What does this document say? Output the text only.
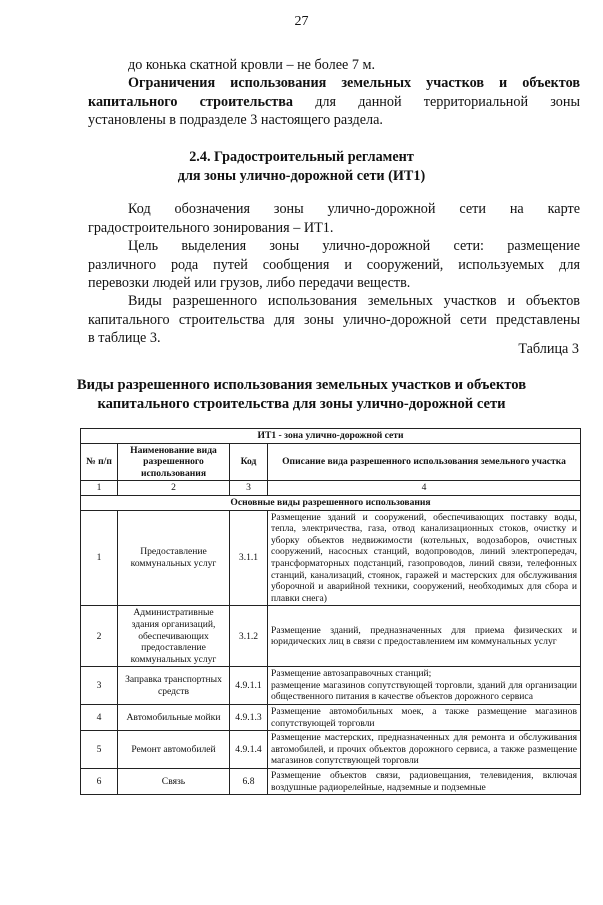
27
до конька скатной кровли – не более 7 м.
Ограничения использования земельных участков и объектов
капитального строительства для данной территориальной зоны
установлены в подразделе 3 настоящего раздела.
2.4. Градостроительный регламент
для зоны улично-дорожной сети (ИТ1)
Код обозначения зоны улично-дорожной сети на карте
градостроительного зонирования – ИТ1.
Цель выделения зоны улично-дорожной сети: размещение
различного рода путей сообщения и сооружений, используемых для
перевозки людей или грузов, либо передачи веществ.
Виды разрешенного использования земельных участков и объектов
капитального строительства для зоны улично-дорожной сети представлены
в таблице 3.
Таблица 3
Виды разрешенного использования земельных участков и объектов
капитального строительства для зоны улично-дорожной сети
ИТ1 - зона улично-дорожной сети			
№ п/п	Наименование вида разрешенного использования	Код	Описание вида разрешенного использования земельного участка
1	2	3	4
Основные виды разрешенного использования			
1	Предоставление коммунальных услуг	3.1.1	Размещение зданий и сооружений, обеспечивающих поставку воды, тепла, электричества, газа, отвод канализационных стоков, очистку и уборку объектов недвижимости (котельных, водозаборов, очистных сооружений, насосных станций, водопроводов, линий электропередач, трансформаторных подстанций, газопроводов, линий связи, телефонных станций, канализаций, стоянок, гаражей и мастерских для обслуживания уборочной и аварийной техники, сооружений, необходимых для сбора и плавки снега)
2	Административные здания организаций, обеспечивающих предоставление коммунальных услуг	3.1.2	Размещение зданий, предназначенных для приема физических и юридических лиц в связи с предоставлением им коммунальных услуг
3	Заправка транспортных средств	4.9.1.1	Размещение автозаправочных станций;
размещение магазинов сопутствующей торговли, зданий для организации общественного питания в качестве объектов дорожного сервиса

4	Автомобильные мойки	4.9.1.3	Размещение автомобильных моек, а также размещение магазинов сопутствующей торговли
5	Ремонт автомобилей	4.9.1.4	Размещение мастерских, предназначенных для ремонта и обслуживания автомобилей, и прочих объектов дорожного сервиса, а также размещение магазинов сопутствующей торговли
6	Связь	6.8	Размещение объектов связи, радиовещания, телевидения, включая воздушные радиорелейные, надземные и подземные
